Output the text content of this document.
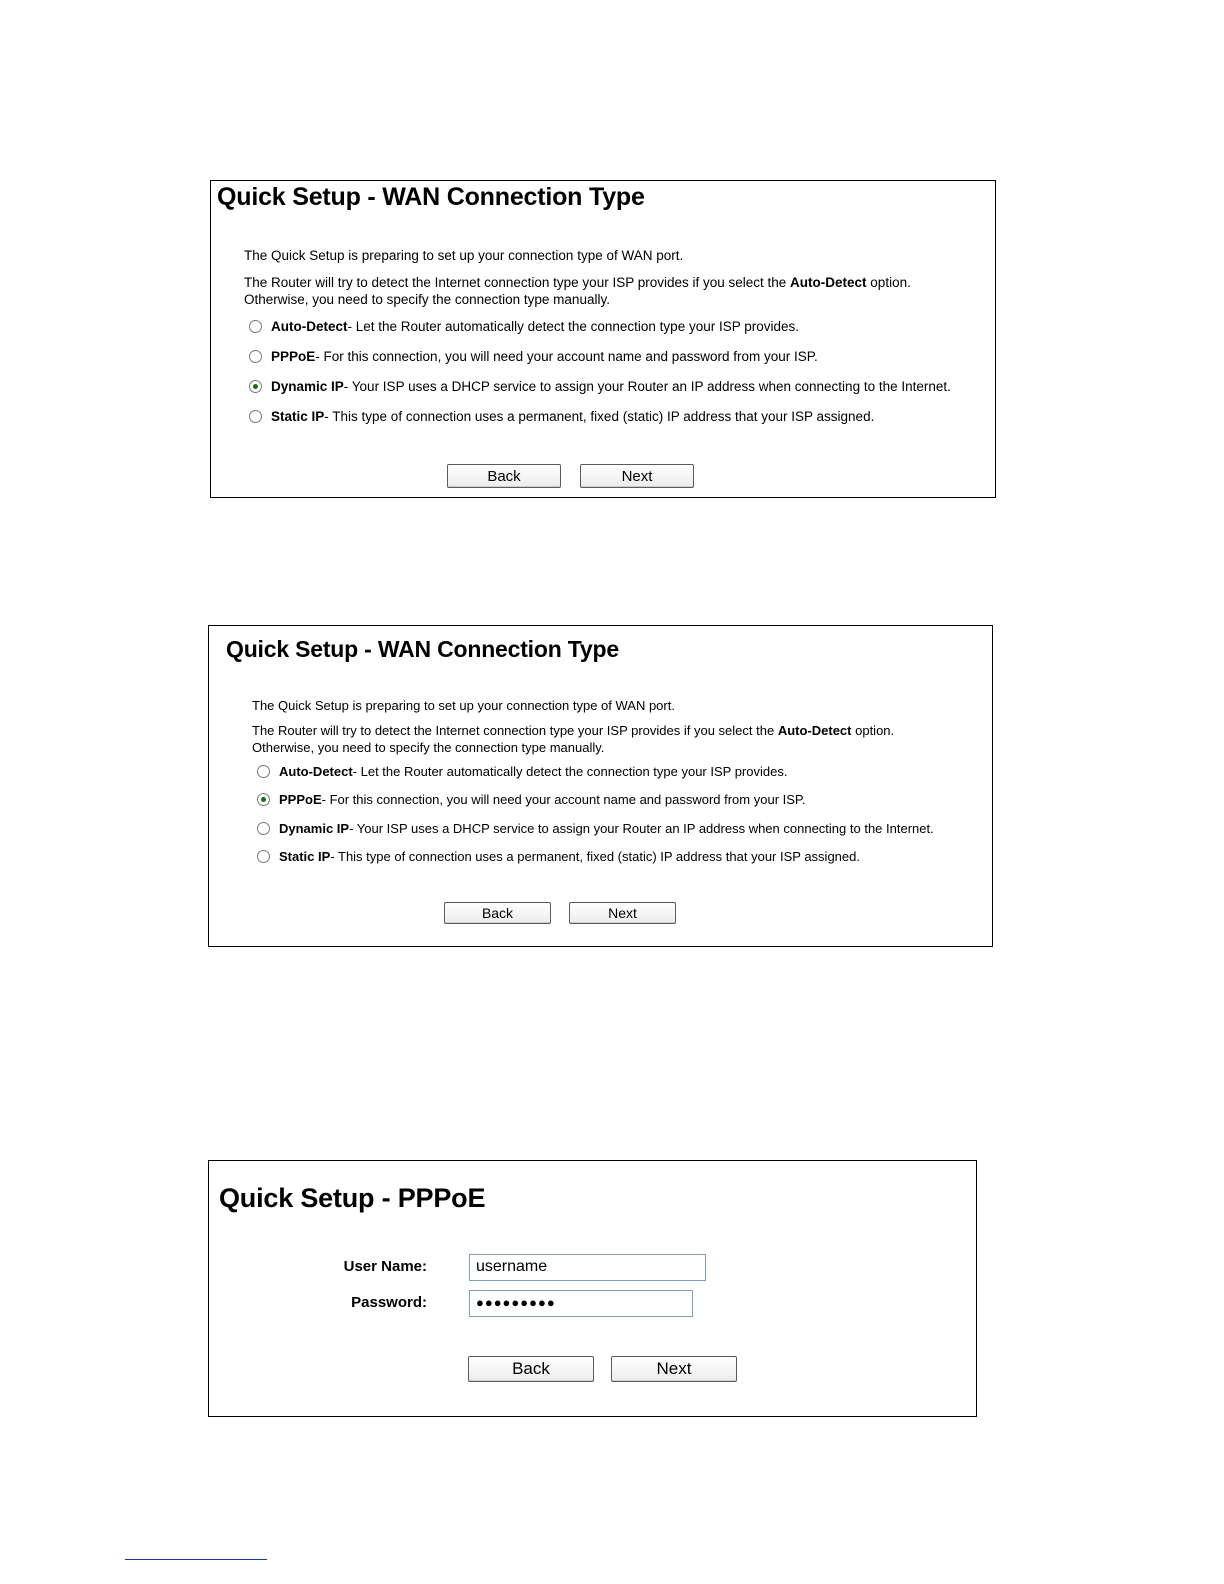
Quick Setup - WAN Connection Type
The Quick Setup is preparing to set up your connection type of WAN port.
The Router will try to detect the Internet connection type your ISP provides if you select the Auto-Detect option.
Otherwise, you need to specify the connection type manually.
Auto-Detect - Let the Router automatically detect the connection type your ISP provides.
PPPoE - For this connection, you will need your account name and password from your ISP.
Dynamic IP - Your ISP uses a DHCP service to assign your Router an IP address when connecting to the Internet.
Static IP - This type of connection uses a permanent, fixed (static) IP address that your ISP assigned.
Back	Next
Quick Setup - WAN Connection Type
The Quick Setup is preparing to set up your connection type of WAN port.
The Router will try to detect the Internet connection type your ISP provides if you select the Auto-Detect option.
Otherwise, you need to specify the connection type manually.
Auto-Detect - Let the Router automatically detect the connection type your ISP provides.
PPPoE - For this connection, you will need your account name and password from your ISP.
Dynamic IP - Your ISP uses a DHCP service to assign your Router an IP address when connecting to the Internet.
Static IP - This type of connection uses a permanent, fixed (static) IP address that your ISP assigned.
Back	Next
Quick Setup - PPPoE
User Name:	username
Password:	●●●●●●●●●
Back	Next
